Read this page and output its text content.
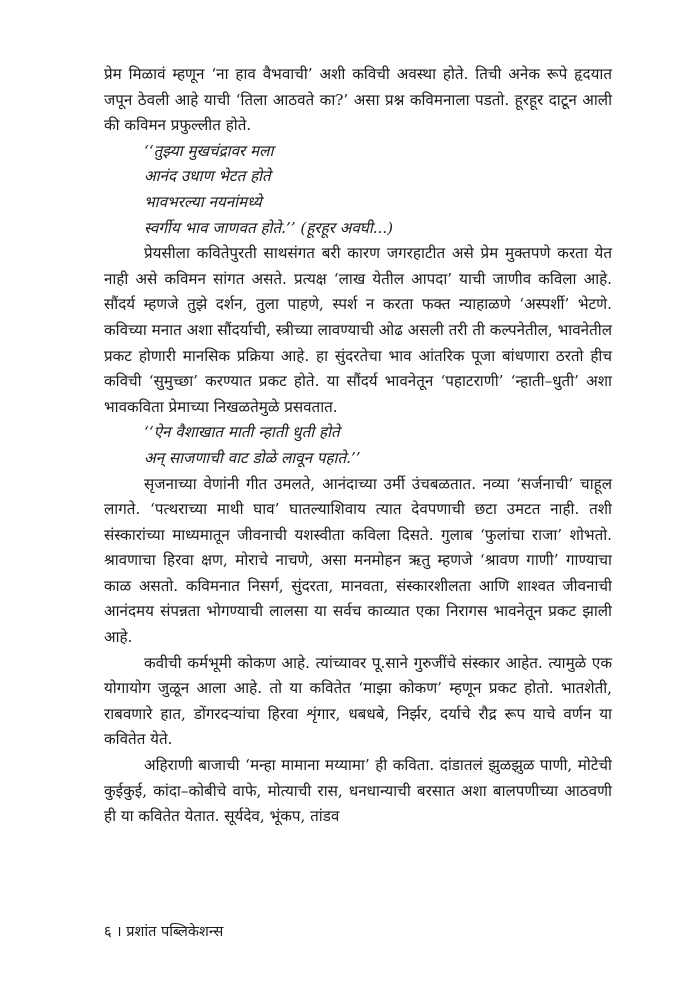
प्रेम मिळावं म्हणून ‘ना हाव वैभवाची’ अशी कविची अवस्था होते. तिची अनेक रूपे हृदयात जपून ठेवली आहे याची ‘तिला आठवते का?’ असा प्रश्न कविमनाला पडतो. हूरहूर दाटून आली की कविमन प्रफुल्लीत होते.

‘‘तुझ्या मुखचंद्रावर मला
आनंद उधाण भेटत होते
भावभरल्या नयनांमध्ये
स्वर्गीय भाव जाणवत होते.’’ (हूरहूर अवघी...)

प्रेयसीला कवितेपुरती साथसंगत बरी कारण जगरहाटीत असे प्रेम मुक्तपणे करता येत नाही असे कविमन सांगत असते. प्रत्यक्ष ‘लाख येतील आपदा’ याची जाणीव कविला आहे. सौंदर्य म्हणजे तुझे दर्शन, तुला पाहणे, स्पर्श न करता फक्त न्याहाळणे ‘अस्पर्शी’ भेटणे. कविच्या मनात अशा सौंदर्याची, स्त्रीच्या लावण्याची ओढ असली तरी ती कल्पनेतील, भावनेतील प्रकट होणारी मानसिक प्रक्रिया आहे. हा सुंदरतेचा भाव आंतरिक पूजा बांधणारा ठरतो हीच कविची ‘सुमुच्छा’ करण्यात प्रकट होते. या सौंदर्य भावनेतून ‘पहाटराणी’ ‘न्हाती–धुती’ अशा भावकविता प्रेमाच्या निखळतेमुळे प्रसवतात.

‘‘ऐन वैशाखात माती न्हाती धुती होते
अन् साजणाची वाट डोळे लावून पहाते.’’

सृजनाच्या वेणांनी गीत उमलते, आनंदाच्या उर्मी उंचबळतात. नव्या ‘सर्जनाची’ चाहूल लागते. ‘पत्थराच्या माथी घाव’ घातल्याशिवाय त्यात देवपणाची छटा उमटत नाही. तशी संस्कारांच्या माध्यमातून जीवनाची यशस्वीता कविला दिसते. गुलाब ‘फुलांचा राजा’ शोभतो. श्रावणाचा हिरवा क्षण, मोराचे नाचणे, असा मनमोहन ऋतु म्हणजे ‘श्रावण गाणी’ गाण्याचा काळ असतो. कविमनात निसर्ग, सुंदरता, मानवता, संस्कारशीलता आणि शाश्वत जीवनाची आनंदमय संपन्नता भोगण्याची लालसा या सर्वच काव्यात एका निरागस भावनेतून प्रकट झाली आहे.

कवीची कर्मभूमी कोकण आहे. त्यांच्यावर पू.साने गुरुजींचे संस्कार आहेत. त्यामुळे एक योगायोग जुळून आला आहे. तो या कवितेत ‘माझा कोकण’ म्हणून प्रकट होतो. भातशेती, राबवणारे हात, डोंगरदऱ्यांचा हिरवा शृंगार, धबधबे, निर्झर, दर्याचे रौद्र रूप याचे वर्णन या कवितेत येते.

अहिराणी बाजाची ‘मन्हा मामाना मय्यामा’ ही कविता. दांडातलं झुळझुळ पाणी, मोटेची कुईकुई, कांदा–कोबीचे वाफे, मोत्याची रास, धनधान्याची बरसात अशा बालपणीच्या आठवणी ही या कवितेत येतात. सूर्यदेव, भूंकप, तांडव

६ । प्रशांत पब्लिकेशन्स
